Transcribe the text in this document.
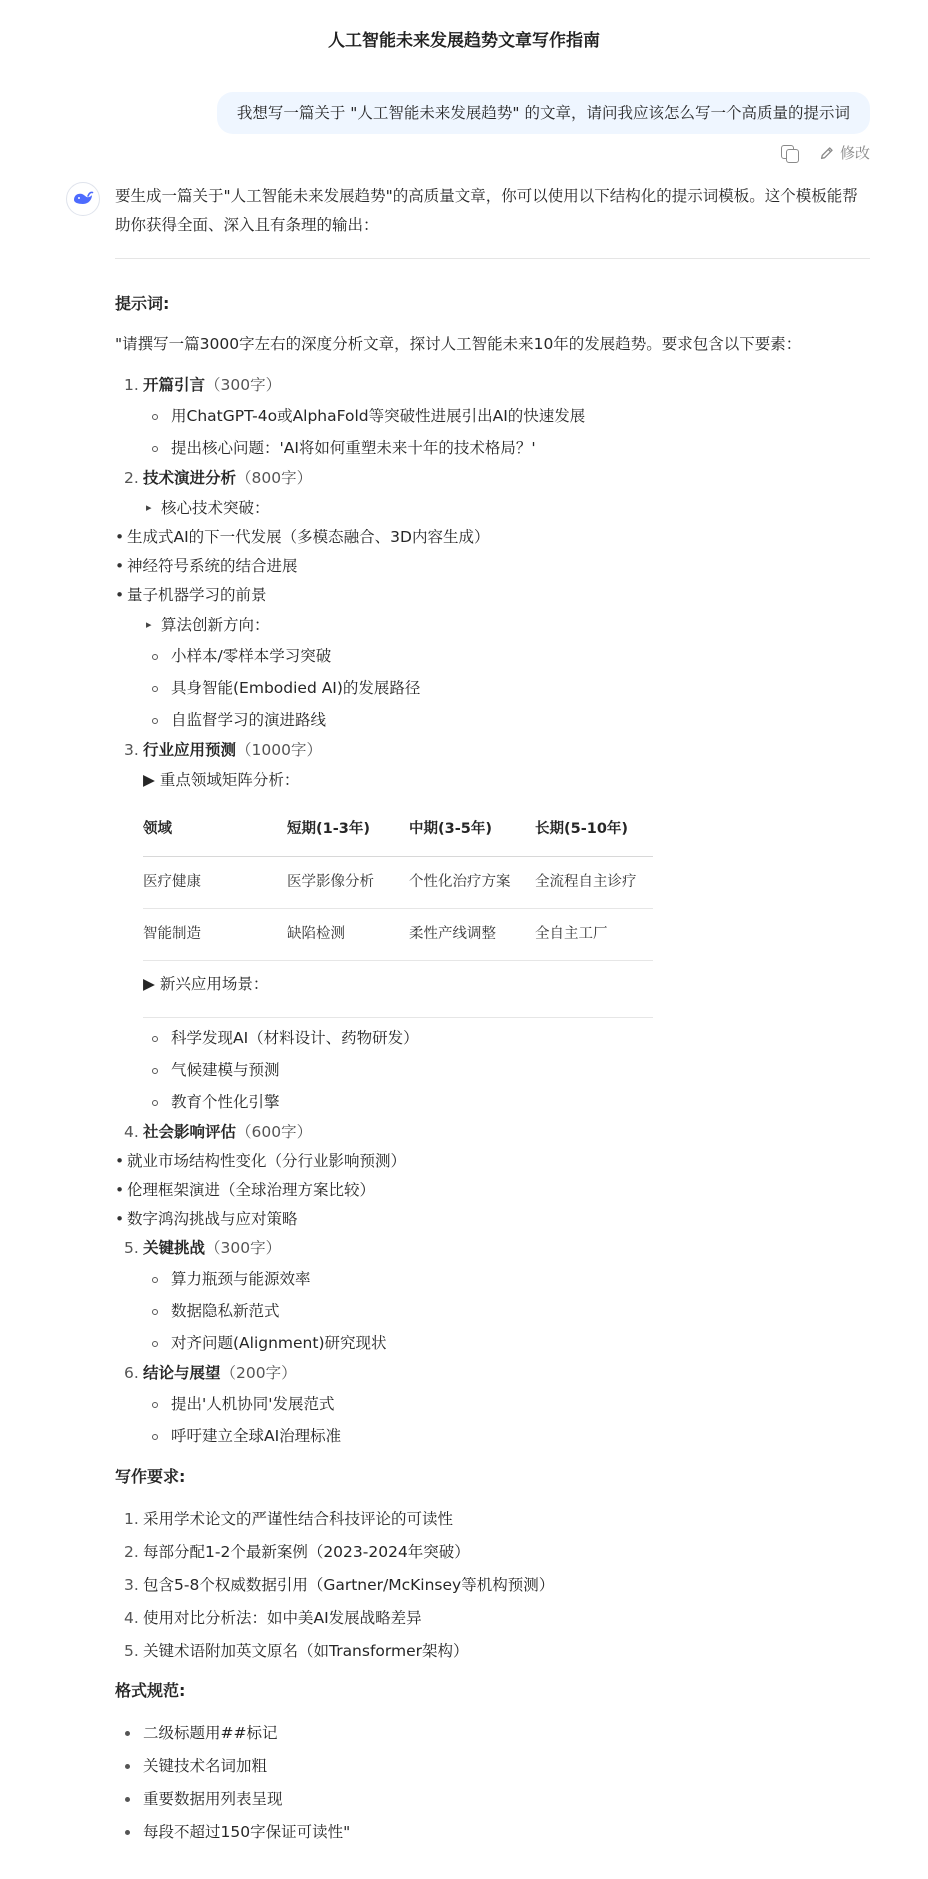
人工智能未来发展趋势文章写作指南
我想写一篇关于 "人工智能未来发展趋势" 的文章，请问我应该怎么写一个高质量的提示词
修改
要生成一篇关于"人工智能未来发展趋势"的高质量文章，你可以使用以下结构化的提示词模板。这个模板能帮助你获得全面、深入且有条理的输出：
提示词:
"请撰写一篇3000字左右的深度分析文章，探讨人工智能未来10年的发展趋势。要求包含以下要素：
1. 开篇引言（300字）
用ChatGPT-4o或AlphaFold等突破性进展引出AI的快速发展
提出核心问题：'AI将如何重塑未来十年的技术格局？'
2. 技术演进分析（800字）
▸ 核心技术突破：
• 生成式AI的下一代发展（多模态融合、3D内容生成）
• 神经符号系统的结合进展
• 量子机器学习的前景
▸ 算法创新方向：
小样本/零样本学习突破
具身智能(Embodied AI)的发展路径
自监督学习的演进路线
3. 行业应用预测（1000字）
▶ 重点领域矩阵分析：
领域	短期(1-3年)	中期(3-5年)	长期(5-10年)
医疗健康	医学影像分析	个性化治疗方案	全流程自主诊疗
智能制造	缺陷检测	柔性产线调整	全自主工厂
▶ 新兴应用场景：
科学发现AI（材料设计、药物研发）
气候建模与预测
教育个性化引擎
4. 社会影响评估（600字）
• 就业市场结构性变化（分行业影响预测）
• 伦理框架演进（全球治理方案比较）
• 数字鸿沟挑战与应对策略
5. 关键挑战（300字）
算力瓶颈与能源效率
数据隐私新范式
对齐问题(Alignment)研究现状
6. 结论与展望（200字）
提出'人机协同'发展范式
呼吁建立全球AI治理标准
写作要求:
1. 采用学术论文的严谨性结合科技评论的可读性
2. 每部分配1-2个最新案例（2023-2024年突破）
3. 包含5-8个权威数据引用（Gartner/McKinsey等机构预测）
4. 使用对比分析法：如中美AI发展战略差异
5. 关键术语附加英文原名（如Transformer架构）
格式规范:
二级标题用##标记
关键技术名词加粗
重要数据用列表呈现
每段不超过150字保证可读性"
